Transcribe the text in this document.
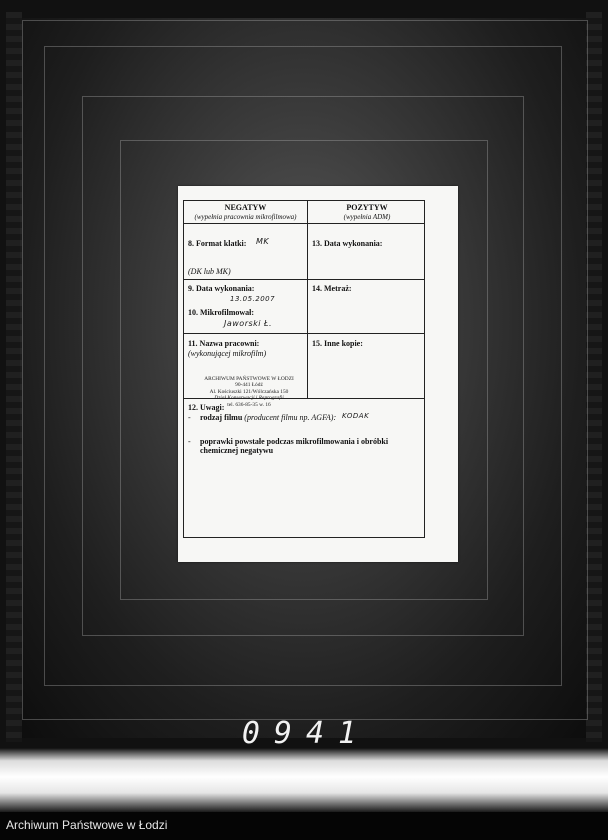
NEGATYW
(wypełnia pracownia mikrofilmowa)
POZYTYW
(wypełnia ADM)
8. Format klatki: MK
(DK lub MK)
13. Data wykonania:
9. Data wykonania:
13.05.2007
10. Mikrofilmował:
Jaworski Ł.
14. Metraż:
11. Nazwa pracowni:
(wykonującej mikrofilm)
15. Inne kopie:
12. Uwagi:
- rodzaj filmu (producent filmu np. AGFA): KODAK
- poprawki powstałe podczas mikrofilmowania i obróbki chemicznej negatywu
ARCHIWUM PAŃSTWOWE W ŁODZI
90-441 Łódź
Al. Kościuszki 121/Wólczańska 150
Dział Konserwacji i Reprografii
tel. 636-85-35 w. 16
0941
Archiwum Państwowe w Łodzi
